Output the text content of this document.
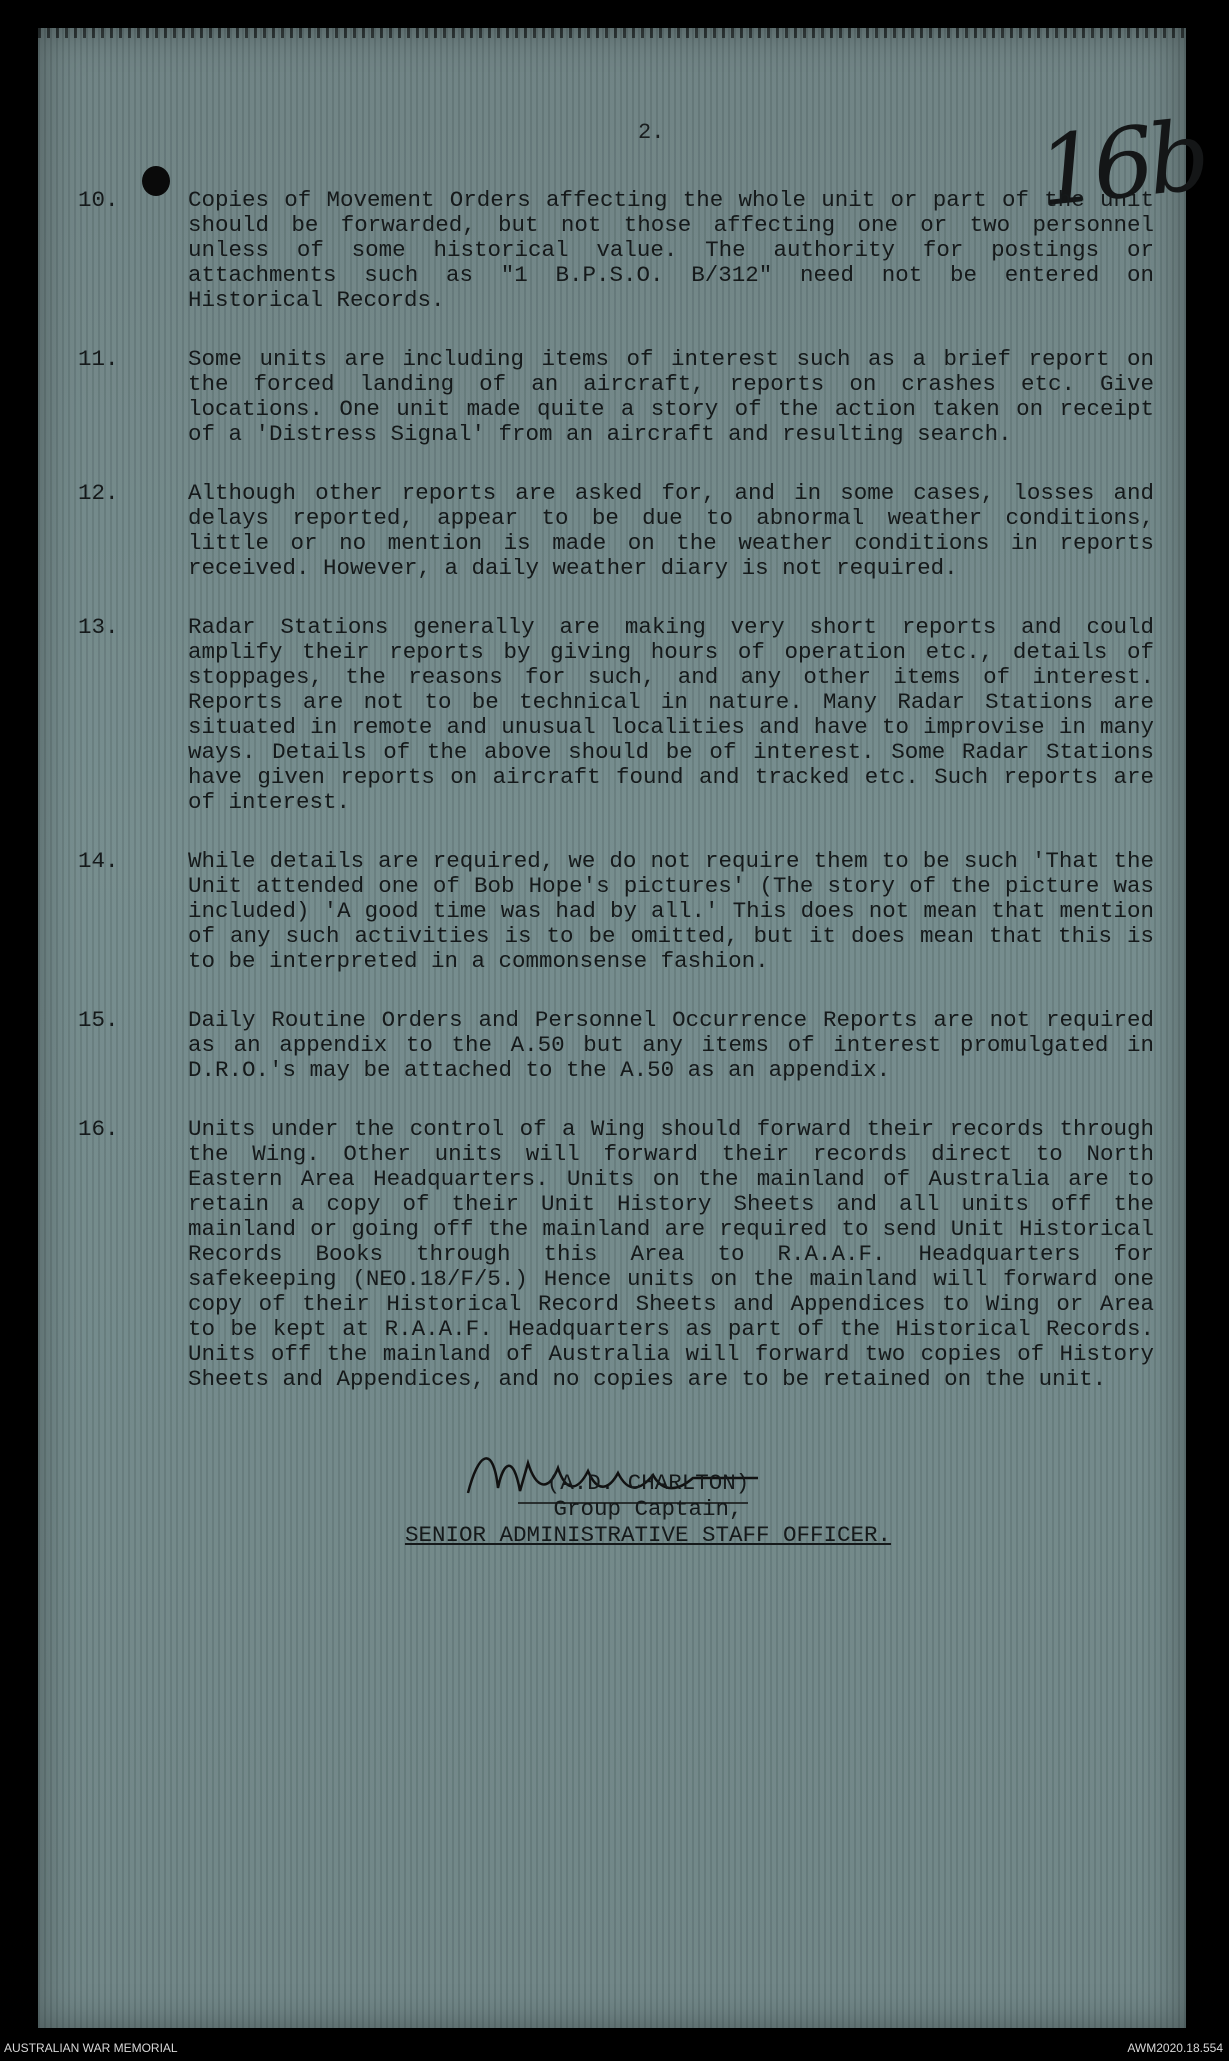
2.	16b
10.	Copies of Movement Orders affecting the whole unit or part of the unit should be forwarded, but not those affecting one or two personnel unless of some historical value. The authority for postings or attachments such as "1 B.P.S.O. B/312" need not be entered on Historical Records.
11.	Some units are including items of interest such as a brief report on the forced landing of an aircraft, reports on crashes etc. Give locations. One unit made quite a story of the action taken on receipt of a 'Distress Signal' from an aircraft and resulting search.
12.	Although other reports are asked for, and in some cases, losses and delays reported, appear to be due to abnormal weather conditions, little or no mention is made on the weather conditions in reports received. However, a daily weather diary is not required.
13.	Radar Stations generally are making very short reports and could amplify their reports by giving hours of operation etc., details of stoppages, the reasons for such, and any other items of interest. Reports are not to be technical in nature. Many Radar Stations are situated in remote and unusual localities and have to improvise in many ways. Details of the above should be of interest. Some Radar Stations have given reports on aircraft found and tracked etc. Such reports are of interest.
14.	While details are required, we do not require them to be such 'That the Unit attended one of Bob Hope's pictures' (The story of the picture was included) 'A good time was had by all.' This does not mean that mention of any such activities is to be omitted, but it does mean that this is to be interpreted in a commonsense fashion.
15.	Daily Routine Orders and Personnel Occurrence Reports are not required as an appendix to the A.50 but any items of interest promulgated in D.R.O.'s may be attached to the A.50 as an appendix.
16.	Units under the control of a Wing should forward their records through the Wing. Other units will forward their records direct to North Eastern Area Headquarters. Units on the mainland of Australia are to retain a copy of their Unit History Sheets and all units off the mainland or going off the mainland are required to send Unit Historical Records Books through this Area to R.A.A.F. Headquarters for safekeeping (NEO.18/F/5.) Hence units on the mainland will forward one copy of their Historical Record Sheets and Appendices to Wing or Area to be kept at R.A.A.F. Headquarters as part of the Historical Records. Units off the mainland of Australia will forward two copies of History Sheets and Appendices, and no copies are to be retained on the unit.
(A.D. CHARLTON)
Group Captain,
SENIOR ADMINISTRATIVE STAFF OFFICER.
AUSTRALIAN WAR MEMORIAL	AWM2020.18.554
